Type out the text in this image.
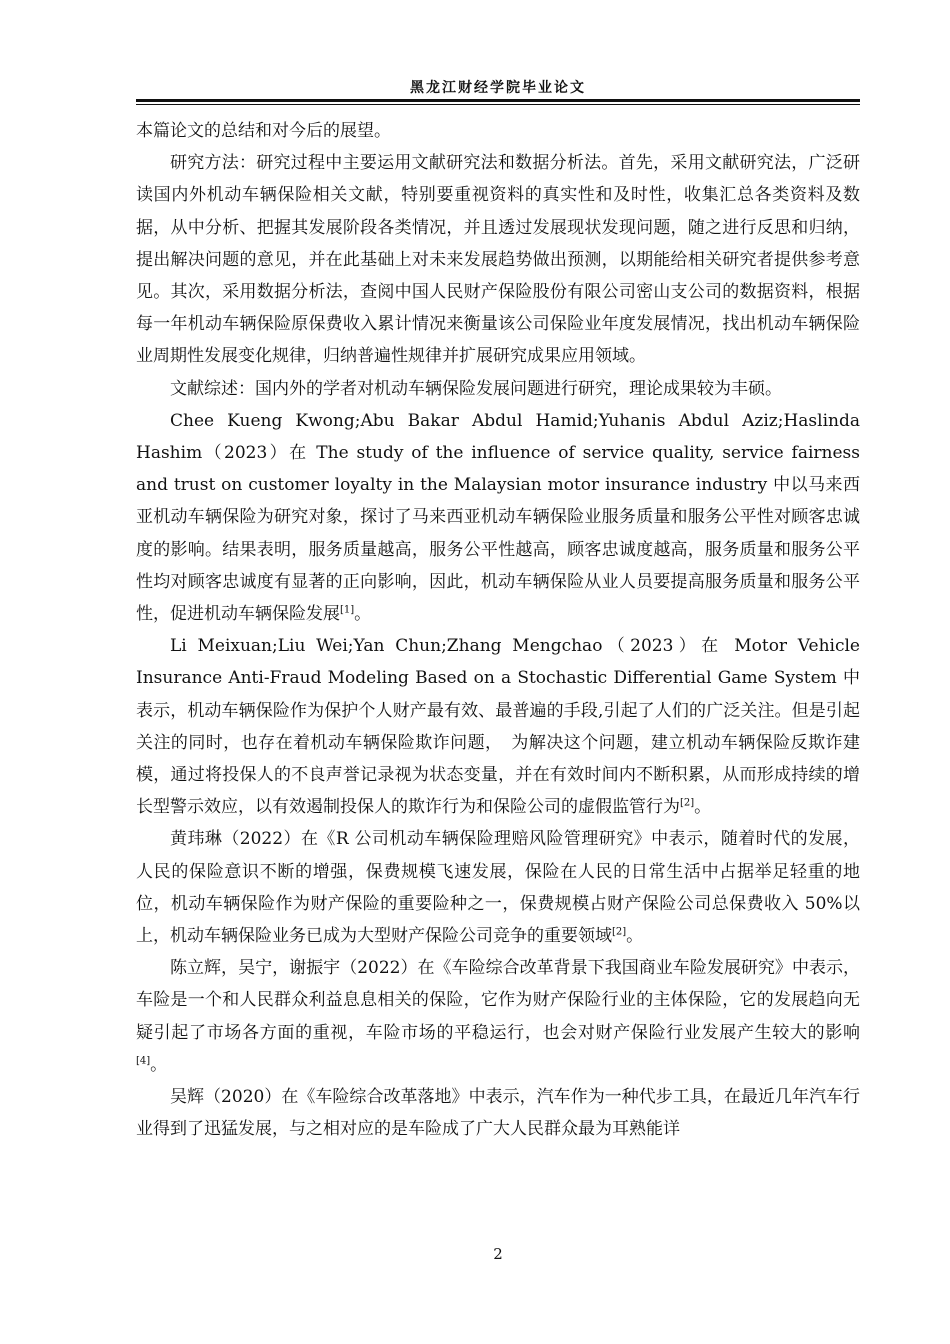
黑龙江财经学院毕业论文

本篇论文的总结和对今后的展望。

研究方法：研究过程中主要运用文献研究法和数据分析法。首先，采用文献研究法，广泛研读国内外机动车辆保险相关文献，特别要重视资料的真实性和及时性，收集汇总各类资料及数据，从中分析、把握其发展阶段各类情况，并且透过发展现状发现问题，随之进行反思和归纳，提出解决问题的意见，并在此基础上对未来发展趋势做出预测，以期能给相关研究者提供参考意见。其次，采用数据分析法，查阅中国人民财产保险股份有限公司密山支公司的数据资料，根据每一年机动车辆保险原保费收入累计情况来衡量该公司保险业年度发展情况，找出机动车辆保险业周期性发展变化规律，归纳普遍性规律并扩展研究成果应用领域。

文献综述：国内外的学者对机动车辆保险发展问题进行研究，理论成果较为丰硕。

Chee Kueng Kwong;Abu Bakar Abdul Hamid;Yuhanis Abdul Aziz;Haslinda Hashim（2023）在 The study of the influence of service quality, service fairness and trust on customer loyalty in the Malaysian motor insurance industry 中以马来西亚机动车辆保险为研究对象，探讨了马来西亚机动车辆保险业服务质量和服务公平性对顾客忠诚度的影响。结果表明，服务质量越高，服务公平性越高，顾客忠诚度越高，服务质量和服务公平性均对顾客忠诚度有显著的正向影响，因此，机动车辆保险从业人员要提高服务质量和服务公平性，促进机动车辆保险发展[1]。

Li Meixuan;Liu Wei;Yan Chun;Zhang Mengchao（2023）在 Motor Vehicle Insurance Anti-Fraud Modeling Based on a Stochastic Differential Game System 中表示，机动车辆保险作为保护个人财产最有效、最普遍的手段,引起了人们的广泛关注。但是引起关注的同时，也存在着机动车辆保险欺诈问题，　为解决这个问题，建立机动车辆保险反欺诈建模，通过将投保人的不良声誉记录视为状态变量，并在有效时间内不断积累，从而形成持续的增长型警示效应，以有效遏制投保人的欺诈行为和保险公司的虚假监管行为[2]。

黄玮琳（2022）在《R 公司机动车辆保险理赔风险管理研究》中表示，随着时代的发展，人民的保险意识不断的增强，保费规模飞速发展，保险在人民的日常生活中占据举足轻重的地位，机动车辆保险作为财产保险的重要险种之一，保费规模占财产保险公司总保费收入 50%以上，机动车辆保险业务已成为大型财产保险公司竞争的重要领域[2]。

陈立辉，吴宁，谢振宇（2022）在《车险综合改革背景下我国商业车险发展研究》中表示，车险是一个和人民群众利益息息相关的保险，它作为财产保险行业的主体保险，它的发展趋向无疑引起了市场各方面的重视，车险市场的平稳运行，也会对财产保险行业发展产生较大的影响[4]。

吴辉（2020）在《车险综合改革落地》中表示，汽车作为一种代步工具，在最近几年汽车行业得到了迅猛发展，与之相对应的是车险成了广大人民群众最为耳熟能详

2
